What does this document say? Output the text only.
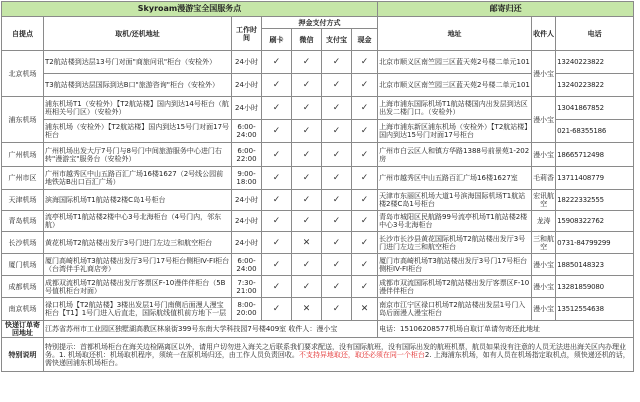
Skyroam漫游宝全国服务点							邮寄归还		
自提点	取机/还机地址	工作时间	押金支付方式				地址	收件人	电话
			刷卡	微信	支付宝	现金			
北京机场	T2航站楼到达层13号门对面"商旅问讯"柜台（安检外）	24小时	✓	✓	✓	✓	北京市顺义区南竺园三区蓝天苑2号楼二单元101	漫小宝	13240223822
	T3航站楼到达层国际到达B口"旅游咨询"柜台（安检外）	24小时	✓	✓	✓	✓	北京市顺义区南竺园三区蓝天苑2号楼二单元101		13240223822
浦东机场	浦东机场T1（安检外）【T2航站楼】国内到达14号柜台（航班相关号门区）（安检外）	24小时	✓	✓	✓	✓	上海市浦东国际机场T1航站楼国内出发层到达区出发二楼门口。（安检外）	漫小宝	13041867852
	浦东机场（安检外）【T2航站楼】国内到达15号门对面17号柜台	6:00-24:00	✓	✓	✓	✓	上海市浦东新区浦东机场（安检外）【T2航站楼】国内到达15号门对面17号柜台		021-68355186
广州机场	广州机场出发大厅7号门与8号门中间旅游服务中心进门右转"漫游宝"服务台（安检外）	6:00-22:00	✓	✓	✓	✓	广州市白云区人和镇方华路1388号前景苑1-202房	漫小宝	18665712498
广州市区	广州市越秀区中山五路百汇广场16楼1627（2号线公园前地铁站B出口百汇广场）	9:00-18:00	✓	✓	✓	✓	广州市越秀区中山五路百汇广场16楼1627室	毛莉香	13711408779
天津机场	滨海国际机场T1航站楼2楼C岛1号柜台	24小时	✓	✓	✓	✓	天津市东丽区机场大道1号滨海国际机场T1航站楼2楼C岛1号柜台	宏讯航空	18222332555
青岛机场	流亭机场T1航站楼2楼中心3号北海柜台（4号门内，邻东航）	24小时	✓	✓	✓	✓	青岛市城阳区民航路99号流亭机场T1航站楼2楼中心3号北海柜台	龙涛	15908322762
长沙机场	黄花机场T2航站楼出发厅3号门进门左边三和航空柜台	24小时	✓	✕	✓	✓	长沙市长沙县黄花国际机场T2航站楼出发厅3号门进门左边三和航空柜台	三和航空	0731-84799299
厦门机场	厦门高崎机场T3航站楼出发厅3号门17号柜台侧柜IV-FI柜台（台湾伴手礼商店旁）	6:00-24:00	✓	✓	✓	✓	厦门市高崎机场T3航站楼出发厅3号门17号柜台侧柜IV-FI柜台	漫小宝	18850148323
成都机场	成都双流机场T2航站楼出发厅客票区F-10漫伴伴柜台（5B号值机柜台对面）	7:30-21:00	✓	✓	✓	✓	成都市双流国际机场T2航站楼出发厅客票区F-10漫伴伴柜台	漫小宝	13281859080
南京机场	禄口机场【T2航站楼】3楼出发层1号门南侧后面漫人漫宝柜台【T1】1号门进入后直走，国际航线值机前方地下一层	8:00-20:00	✓	✕	✓	✕	南京市江宁区禄口机场T2航站楼出发层1号门入岛后面漫人漫宝柜台	漫小宝	13512554638
快递订单寄回地址	江苏省苏州市工业园区独墅湖高教区林泉街399号东南大学科技园7号楼409室 收件人：漫小宝						电话：15106208577机场自取订单请勿寄还此地址		
特别说明	特别提示：首都机场柜台在海关边检隔离区以外，请用户切勿进入海关之后联系我们要求配送，没有国际航班，没有国际出发的航班机票，航员如果没有注意的人员无法进出海关区内办理业务。1. 机场取还机：机场取机程序，须统一在原机场归还，由工作人员负责回收。不支持异地取还，取还必须在同一个柜台2. 上海浦东机场，如有人员在机场指定取机点，须快递还机的话，需快递回浦东机场柜台。								
